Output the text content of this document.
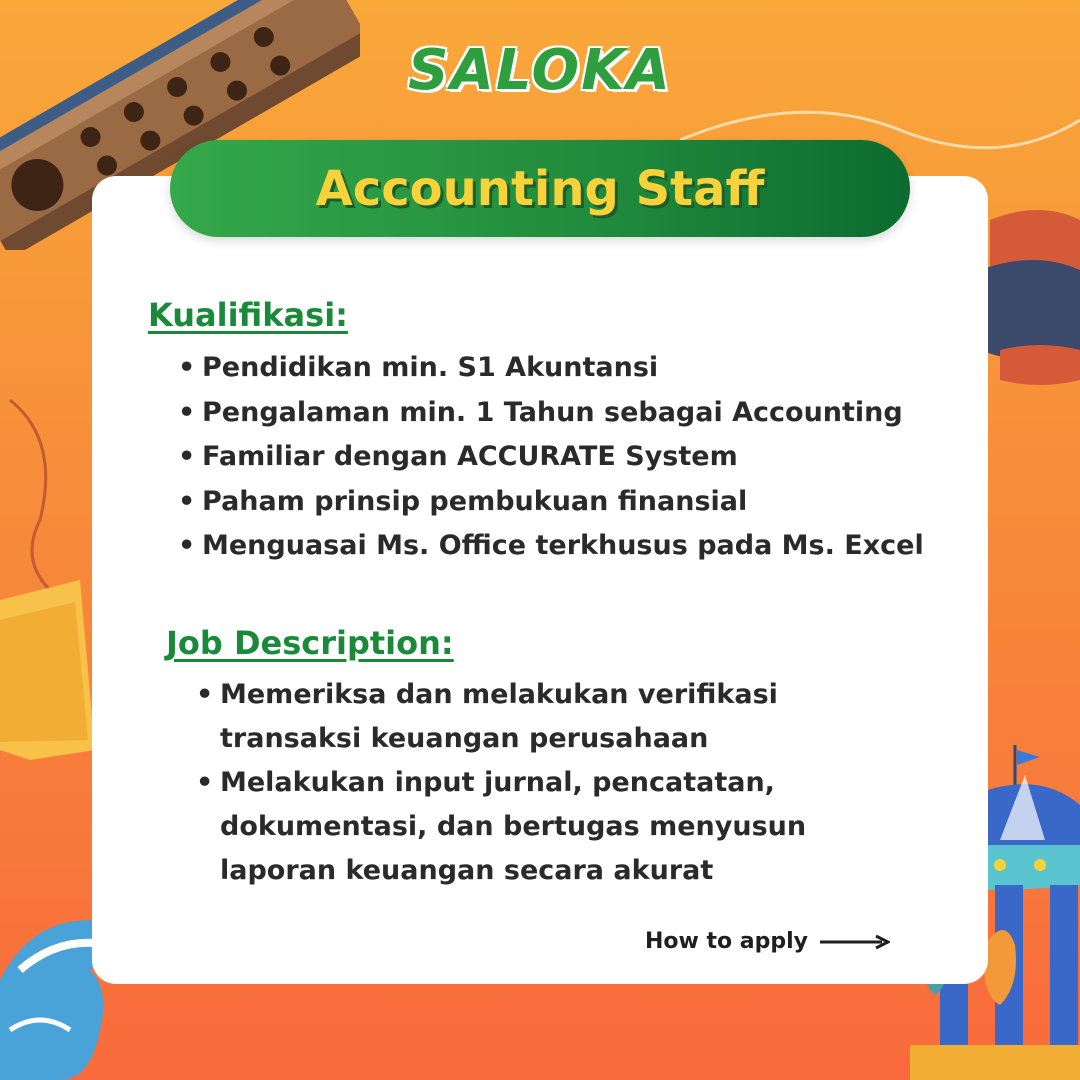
SALOKA
Accounting Staff
Kualifikasi:
• Pendidikan min. S1 Akuntansi
• Pengalaman min. 1 Tahun sebagai Accounting
• Familiar dengan ACCURATE System
• Paham prinsip pembukuan finansial
• Menguasai Ms. Office terkhusus pada Ms. Excel
Job Description:
• Memeriksa dan melakukan verifikasi transaksi keuangan perusahaan
• Melakukan input jurnal, pencatatan, dokumentasi, dan bertugas menyusun laporan keuangan secara akurat
How to apply
